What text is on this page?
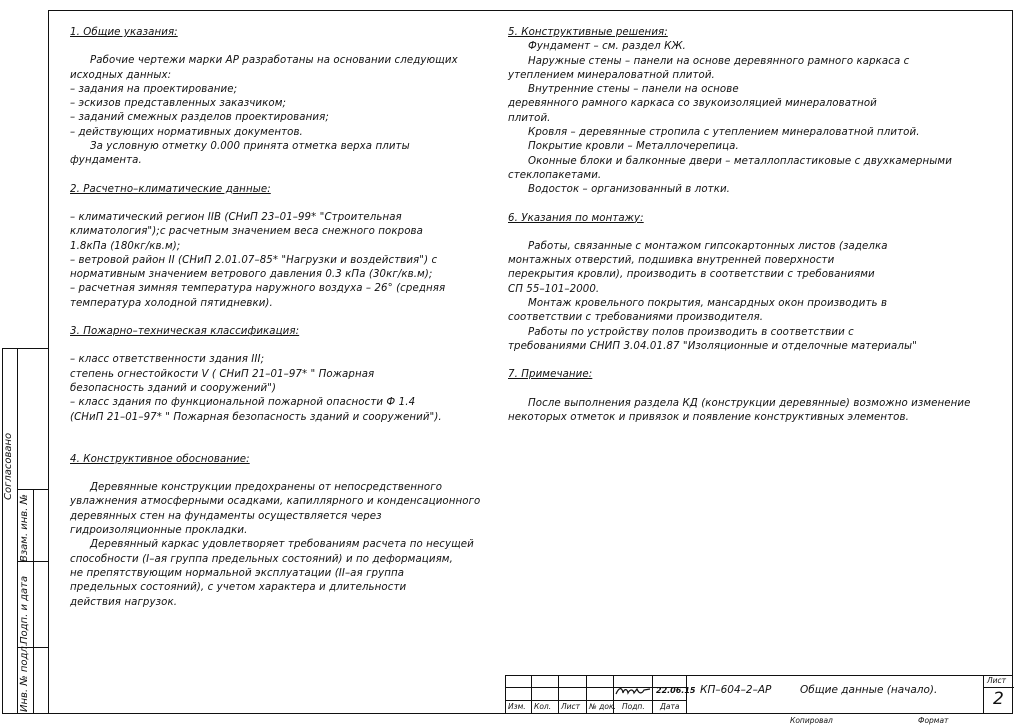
1. Общие указания:
Рабочие чертежи марки АР разработаны на основании следующих
исходных данных:
– задания на проектирование;
– эскизов представленных заказчиком;
– заданий смежных разделов проектирования;
– действующих нормативных документов.
За условную отметку 0.000 принята отметка верха плиты
фундамента.
2. Расчетно–климатические данные:
– климатический регион IIВ (СНиП 23–01–99* "Строительная
климатология");с расчетным значением веса снежного покрова
1.8кПа (180кг/кв.м);
– ветровой район II (СНиП 2.01.07–85* "Нагрузки и воздействия") с
нормативным значением ветрового давления 0.3 кПа (30кг/кв.м);
– расчетная зимняя температура наружного воздуха – 26° (средняя
температура холодной пятидневки).
3. Пожарно–техническая классификация:
– класс ответственности здания III;
степень огнестойкости V ( СНиП 21–01–97* " Пожарная
безопасность зданий и сооружений")
– класс здания по функциональной пожарной опасности Ф 1.4
(СНиП 21–01–97* " Пожарная безопасность зданий и сооружений").
4. Конструктивное обоснование:
Деревянные конструкции предохранены от непосредственного
увлажнения атмосферными осадками, капиллярного и конденсационного
деревянных стен на фундаменты осуществляется через
гидроизоляционные прокладки.
Деревянный каркас удовлетворяет требованиям расчета по несущей
способности (I–ая группа предельных состояний) и по деформациям,
не препятствующим нормальной эксплуатации (II–ая группа
предельных состояний), с учетом характера и длительности
действия нагрузок.
5. Конструктивные решения:
Фундамент – см. раздел КЖ.
Наружные стены – панели на основе деревянного рамного каркаса с
утеплением минераловатной плитой.
Внутренние стены – панели на основе
деревянного рамного каркаса со звукоизоляцией минераловатной
плитой.
Кровля – деревянные стропила с утеплением минераловатной плитой.
Покрытие кровли – Металлочерепица.
Оконные блоки и балконные двери – металлопластиковые с двухкамерными
стеклопакетами.
Водосток – организованный в лотки.
6. Указания по монтажу:
Работы, связанные с монтажом гипсокартонных листов (заделка
монтажных отверстий, подшивка внутренней поверхности
перекрытия кровли), производить в соответствии с требованиями
СП 55–101–2000.
Монтаж кровельного покрытия, мансардных окон производить в
соответствии с требованиями производителя.
Работы по устройству полов производить в соответствии с
требованиями СНИП 3.04.01.87 "Изоляционные и отделочные материалы"
7. Примечание:
После выполнения раздела КД (конструкции деревянные) возможно изменение
некоторых отметок и привязок и появление конструктивных элементов.
Согласовано
Взам. инв. №
Подп. и дата
Инв. № подл.	Изм. Кол. Лист № док. Подп. Дата
22.06.15 КП–604–2–АР	Общие данные (начало).
Лист
2
Копировал	Формат
